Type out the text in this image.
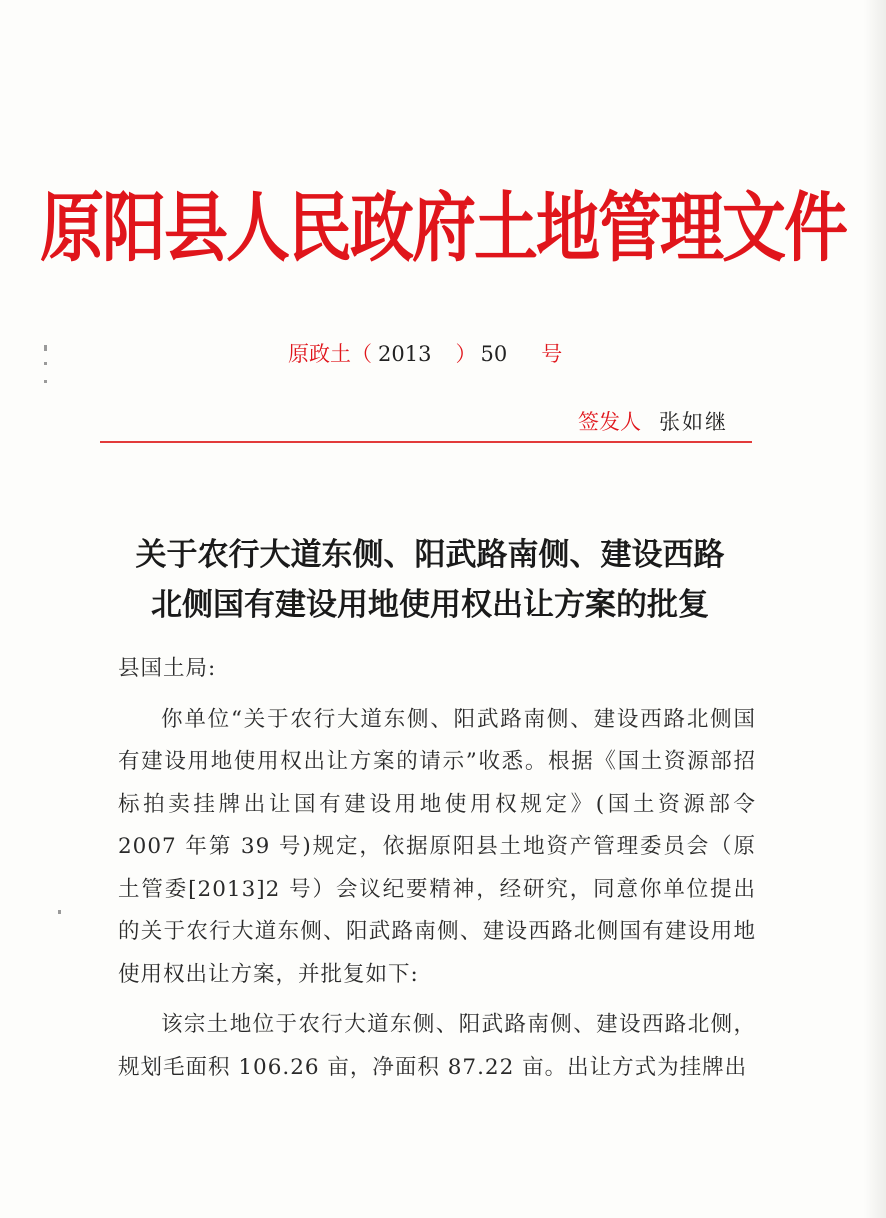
原阳县人民政府土地管理文件
原政土（ 2013 ） 50 号
签发人 张如继
关于农行大道东侧、阳武路南侧、建设西路
北侧国有建设用地使用权出让方案的批复

县国土局:

你单位“关于农行大道东侧、阳武路南侧、建设西路北侧国有建设用地使用权出让方案的请示”收悉。根据《国土资源部招标拍卖挂牌出让国有建设用地使用权规定》(国土资源部令 2007 年第 39 号)规定，依据原阳县土地资产管理委员会（原土管委[2013]2 号）会议纪要精神，经研究，同意你单位提出的关于农行大道东侧、阳武路南侧、建设西路北侧国有建设用地使用权出让方案，并批复如下:

该宗土地位于农行大道东侧、阳武路南侧、建设西路北侧，规划毛面积 106.26 亩，净面积 87.22 亩。出让方式为挂牌出
